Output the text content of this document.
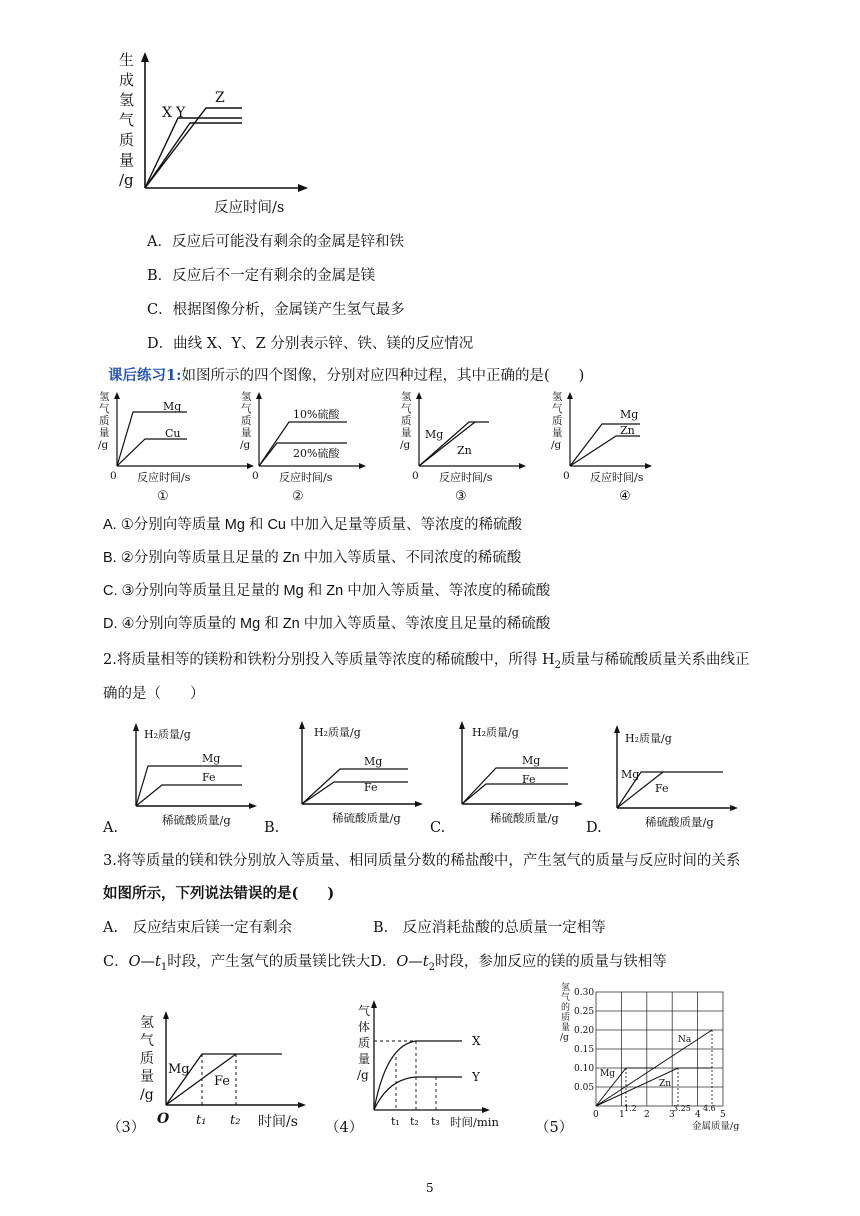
生
成
氢
气
质
量
/g
X Y
Z
反应时间/s
A．反应后可能没有剩余的金属是锌和铁
B．反应后不一定有剩余的金属是镁
C．根据图像分析，金属镁产生氢气最多
D．曲线 X、Y、Z 分别表示锌、铁、镁的反应情况
课后练习1:如图所示的四个图像，分别对应四种过程，其中正确的是(　　)
氢
气
质
量
/g
Mg
Cu
0 反应时间/s
①
氢
气
质
量
/g
10%硫酸
20%硫酸
0 反应时间/s
②
氢
气
质
量
/g
Mg
Zn
0 反应时间/s
③
氢
气
质
量
/g
Mg
Zn
0 反应时间/s
④
A. ①分别向等质量 Mg 和 Cu 中加入足量等质量、等浓度的稀硫酸
B. ②分别向等质量且足量的 Zn 中加入等质量、不同浓度的稀硫酸
C. ③分别向等质量且足量的 Mg 和 Zn 中加入等质量、等浓度的稀硫酸
D. ④分别向等质量的 Mg 和 Zn 中加入等质量、等浓度且足量的稀硫酸
2.将质量相等的镁粉和铁粉分别投入等质量等浓度的稀硫酸中，所得 $H_2$质量与稀硫酸质量关系曲线正
确的是（　　）
A.
H₂质量/g
Mg
Fe
稀硫酸质量/g B.
H₂质量/g
Mg
Fe
稀硫酸质量/g
C.
H₂质量/g
Mg
Fe
稀硫酸质量/g
D.
H₂质量/g
Mg
Fe
稀硫酸质量/g
3.将等质量的镁和铁分别放入等质量、相同质量分数的稀盐酸中，产生氢气的质量与反应时间的关系
如图所示，下列说法错误的是(　　)
A.　反应结束后镁一定有剩余	B.　反应消耗盐酸的总质量一定相等
C．$O—t_1$时段，产生氢气的质量镁比铁大D．$O—t_2$时段，参加反应的镁的质量与铁相等
（3）
氢
气
质
量
/g
Mg
Fe
O t₁ t₂ 时间/s （4）
气
体
质
量
/g
X
Y
t₁ t₂ t₃ 时间/min （5）
氢
气
的
质
量
/g
0.30
0.25
0.20
0.15
0.10
0.05
Na
Mg
Zn
0 1
1.2
2 3
3.25
4
4.6
5
金属质量/g
5
